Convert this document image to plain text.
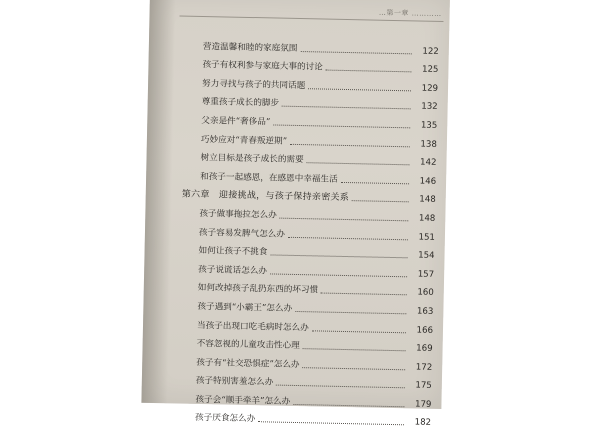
…第一章 …………
营造温馨和睦的家庭氛围	122
孩子有权利参与家庭大事的讨论	125
努力寻找与孩子的共同话题	129
尊重孩子成长的脚步	132
父亲是件“奢侈品”	135
巧妙应对“青春叛逆期”	138
树立目标是孩子成长的需要	142
和孩子一起感恩，在感恩中幸福生活	146
第六章　迎接挑战，与孩子保持亲密关系	148
孩子做事拖拉怎么办	148
孩子容易发脾气怎么办	151
如何让孩子不挑食	154
孩子说谎话怎么办	157
如何改掉孩子乱扔东西的坏习惯	160
孩子遇到“小霸王”怎么办	163
当孩子出现口吃毛病时怎么办	166
不容忽视的儿童攻击性心理	169
孩子有“社交恐惧症”怎么办	172
孩子特别害羞怎么办	175
孩子会“顺手牵羊”怎么办	179
孩子厌食怎么办	182
